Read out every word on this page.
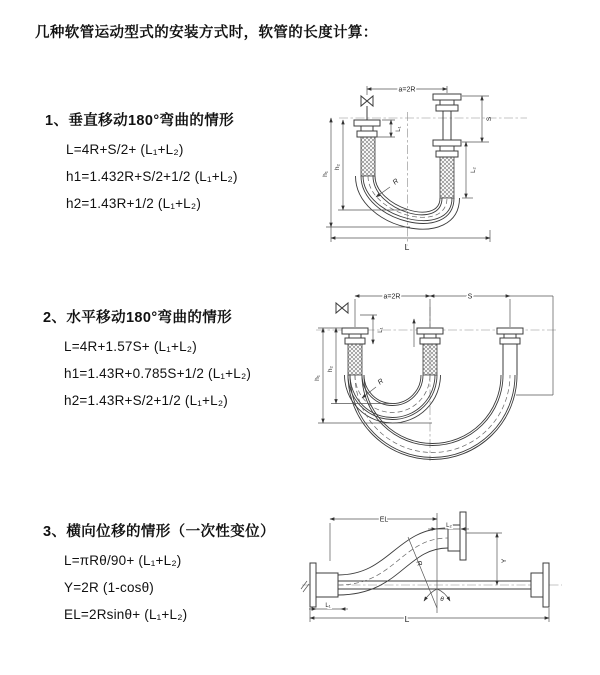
几种软管运动型式的安装方式时，软管的长度计算：
1、垂直移动180°弯曲的情形
L=4R+S/2+ (L₁+L₂)
h1=1.432R+S/2+1/2 (L₁+L₂)
h2=1.43R+1/2 (L₁+L₂)
2、水平移动180°弯曲的情形
L=4R+1.57S+ (L₁+L₂)
h1=1.43R+0.785S+1/2 (L₁+L₂)
h2=1.43R+S/2+1/2 (L₁+L₂)
3、横向位移的情形（一次性变位）
L=πRθ/90+ (L₁+L₂)
Y=2R (1-cosθ)
EL=2Rsinθ+ (L₁+L₂)
a=2R
S
L₂
h₁
h₂
L₁
R
L
a=2R	S
L₁
h₁
h₂
R
R
θ
EL
L₂
Y
L₁
L
